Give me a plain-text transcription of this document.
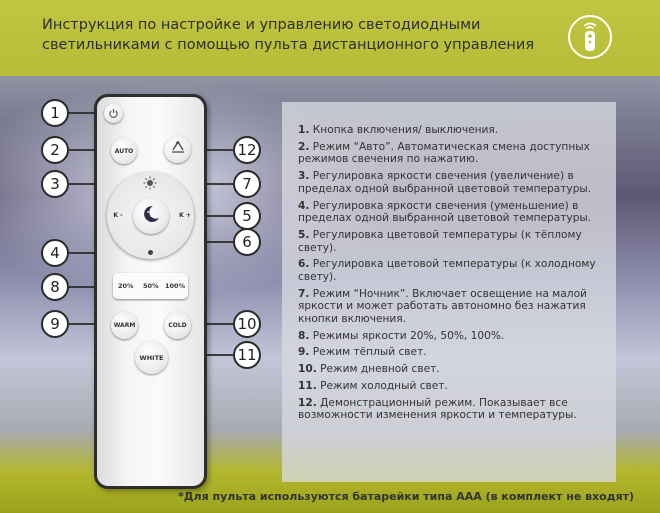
Инструкция по настройке и управлению светодиодными
светильниками с помощью пульта дистанционного управления
AUTO
K -	K +
20% 50% 100%
WARM	COLD
WHITE
1
2
3
4
5
6
7
8
9	10
11
12
1. Кнопка включения/ выключения.
2. Режим “Авто”. Автоматическая смена доступных режимов свечения по нажатию.
3. Регулировка яркости свечения (увеличение) в пределах одной выбранной цветовой температуры.
4. Регулировка яркости свечения (уменьшение) в пределах одной выбранной цветовой температуры.
5. Регулировка цветовой температуры (к тёплому свету).
6. Регулировка цветовой температуры (к холодному свету).
7. Режим “Ночник”. Включает освещение на малой яркости и может работать автономно без нажатия кнопки включения.
8. Режимы яркости 20%, 50%, 100%.
9. Режим тёплый свет.
10. Режим дневной свет.
11. Режим холодный свет.
12. Демонстрационный режим. Показывает все возможности изменения яркости и температуры.
*Для пульта используются батарейки типа ААА (в комплект не входят)
